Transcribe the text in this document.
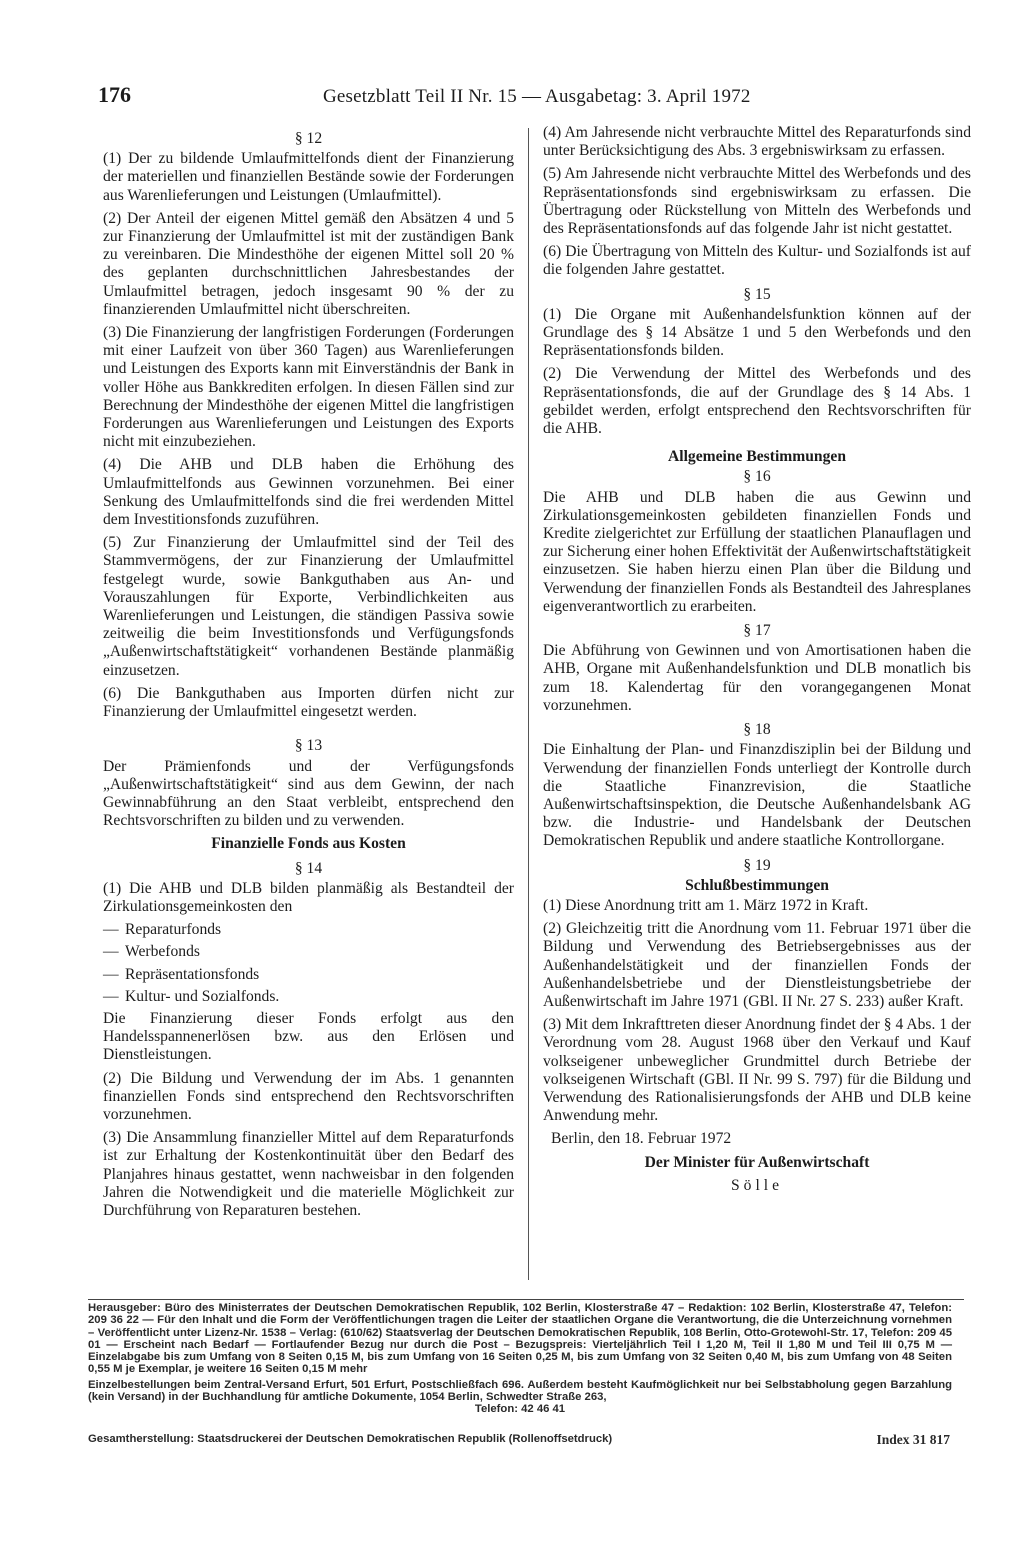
176	Gesetzblatt Teil II Nr. 15 — Ausgabetag: 3. April 1972
§ 12

(1) Der zu bildende Umlaufmittelfonds dient der Finanzierung der materiellen und finanziellen Bestände sowie der Forderungen aus Warenlieferungen und Leistungen (Umlaufmittel).

(2) Der Anteil der eigenen Mittel gemäß den Absätzen 4 und 5 zur Finanzierung der Umlaufmittel ist mit der zuständigen Bank zu vereinbaren. Die Mindesthöhe der eigenen Mittel soll 20 % des geplanten durchschnittlichen Jahresbestandes der Umlaufmittel betragen, jedoch insgesamt 90 % der zu finanzierenden Umlaufmittel nicht überschreiten.

(3) Die Finanzierung der langfristigen Forderungen (Forderungen mit einer Laufzeit von über 360 Tagen) aus Warenlieferungen und Leistungen des Exports kann mit Einverständnis der Bank in voller Höhe aus Bankkrediten erfolgen. In diesen Fällen sind zur Berechnung der Mindesthöhe der eigenen Mittel die langfristigen Forderungen aus Warenlieferungen und Leistungen des Exports nicht mit einzubeziehen.

(4) Die AHB und DLB haben die Erhöhung des Umlaufmittelfonds aus Gewinnen vorzunehmen. Bei einer Senkung des Umlaufmittelfonds sind die frei werdenden Mittel dem Investitionsfonds zuzuführen.

(5) Zur Finanzierung der Umlaufmittel sind der Teil des Stammvermögens, der zur Finanzierung der Umlaufmittel festgelegt wurde, sowie Bankguthaben aus An- und Vorauszahlungen für Exporte, Verbindlichkeiten aus Warenlieferungen und Leistungen, die ständigen Passiva sowie zeitweilig die beim Investitionsfonds und Verfügungsfonds „Außenwirtschaftstätigkeit“ vorhandenen Bestände planmäßig einzusetzen.

(6) Die Bankguthaben aus Importen dürfen nicht zur Finanzierung der Umlaufmittel eingesetzt werden.

§ 13

Der Prämienfonds und der Verfügungsfonds „Außenwirtschaftstätigkeit“ sind aus dem Gewinn, der nach Gewinnabführung an den Staat verbleibt, entsprechend den Rechtsvorschriften zu bilden und zu verwenden.

Finanzielle Fonds aus Kosten
§ 14

(1) Die AHB und DLB bilden planmäßig als Bestandteil der Zirkulationsgemeinkosten den

— Reparaturfonds
— Werbefonds
— Repräsentationsfonds
— Kultur- und Sozialfonds.

Die Finanzierung dieser Fonds erfolgt aus den Handelsspannenerlösen bzw. aus den Erlösen und Dienstleistungen.

(2) Die Bildung und Verwendung der im Abs. 1 genannten finanziellen Fonds sind entsprechend den Rechtsvorschriften vorzunehmen.

(3) Die Ansammlung finanzieller Mittel auf dem Reparaturfonds ist zur Erhaltung der Kostenkontinuität über den Bedarf des Planjahres hinaus gestattet, wenn nachweisbar in den folgenden Jahren die Notwendigkeit und die materielle Möglichkeit zur Durchführung von Reparaturen bestehen.

(4) Am Jahresende nicht verbrauchte Mittel des Reparaturfonds sind unter Berücksichtigung des Abs. 3 ergebniswirksam zu erfassen.

(5) Am Jahresende nicht verbrauchte Mittel des Werbefonds und des Repräsentationsfonds sind ergebniswirksam zu erfassen. Die Übertragung oder Rückstellung von Mitteln des Werbefonds und des Repräsentationsfonds auf das folgende Jahr ist nicht gestattet.

(6) Die Übertragung von Mitteln des Kultur- und Sozialfonds ist auf die folgenden Jahre gestattet.

§ 15

(1) Die Organe mit Außenhandelsfunktion können auf der Grundlage des § 14 Absätze 1 und 5 den Werbefonds und den Repräsentationsfonds bilden.

(2) Die Verwendung der Mittel des Werbefonds und des Repräsentationsfonds, die auf der Grundlage des § 14 Abs. 1 gebildet werden, erfolgt entsprechend den Rechtsvorschriften für die AHB.

Allgemeine Bestimmungen
§ 16

Die AHB und DLB haben die aus Gewinn und Zirkulationsgemeinkosten gebildeten finanziellen Fonds und Kredite zielgerichtet zur Erfüllung der staatlichen Planauflagen und zur Sicherung einer hohen Effektivität der Außenwirtschaftstätigkeit einzusetzen. Sie haben hierzu einen Plan über die Bildung und Verwendung der finanziellen Fonds als Bestandteil des Jahresplanes eigenverantwortlich zu erarbeiten.

§ 17

Die Abführung von Gewinnen und von Amortisationen haben die AHB, Organe mit Außenhandelsfunktion und DLB monatlich bis zum 18. Kalendertag für den vorangegangenen Monat vorzunehmen.

§ 18

Die Einhaltung der Plan- und Finanzdisziplin bei der Bildung und Verwendung der finanziellen Fonds unterliegt der Kontrolle durch die Staatliche Finanzrevision, die Staatliche Außenwirtschaftsinspektion, die Deutsche Außenhandelsbank AG bzw. die Industrie- und Handelsbank der Deutschen Demokratischen Republik und andere staatliche Kontrollorgane.

§ 19
Schlußbestimmungen

(1) Diese Anordnung tritt am 1. März 1972 in Kraft.

(2) Gleichzeitig tritt die Anordnung vom 11. Februar 1971 über die Bildung und Verwendung des Betriebsergebnisses aus der Außenhandelstätigkeit und der finanziellen Fonds der Außenhandelsbetriebe und der Dienstleistungsbetriebe der Außenwirtschaft im Jahre 1971 (GBl. II Nr. 27 S. 233) außer Kraft.

(3) Mit dem Inkrafttreten dieser Anordnung findet der § 4 Abs. 1 der Verordnung vom 28. August 1968 über den Verkauf und Kauf volkseigener unbeweglicher Grundmittel durch Betriebe der volkseigenen Wirtschaft (GBl. II Nr. 99 S. 797) für die Bildung und Verwendung des Rationalisierungsfonds der AHB und DLB keine Anwendung mehr.

Berlin, den 18. Februar 1972

Der Minister für Außenwirtschaft

Sölle

Herausgeber: Büro des Ministerrates der Deutschen Demokratischen Republik, 102 Berlin, Klosterstraße 47 – Redaktion: 102 Berlin, Klosterstraße 47, Telefon: 209 36 22 — Für den Inhalt und die Form der Veröffentlichungen tragen die Leiter der staatlichen Organe die Verantwortung, die die Unterzeichnung vornehmen – Veröffentlicht unter Lizenz-Nr. 1538 – Verlag: (610/62) Staatsverlag der Deutschen Demokratischen Republik, 108 Berlin, Otto-Grotewohl-Str. 17, Telefon: 209 45 01 — Erscheint nach Bedarf — Fortlaufender Bezug nur durch die Post – Bezugspreis: Vierteljährlich Teil I 1,20 M, Teil II 1,80 M und Teil III 0,75 M — Einzelabgabe bis zum Umfang von 8 Seiten 0,15 M, bis zum Umfang von 16 Seiten 0,25 M, bis zum Umfang von 32 Seiten 0,40 M, bis zum Umfang von 48 Seiten 0,55 M je Exemplar, je weitere 16 Seiten 0,15 M mehr

Einzelbestellungen beim Zentral-Versand Erfurt, 501 Erfurt, Postschließfach 696. Außerdem besteht Kaufmöglichkeit nur bei Selbstabholung gegen Barzahlung (kein Versand) in der Buchhandlung für amtliche Dokumente, 1054 Berlin, Schwedter Straße 263,

Telefon: 42 46 41

Gesamtherstellung: Staatsdruckerei der Deutschen Demokratischen Republik (Rollenoffsetdruck)	Index 31 817
